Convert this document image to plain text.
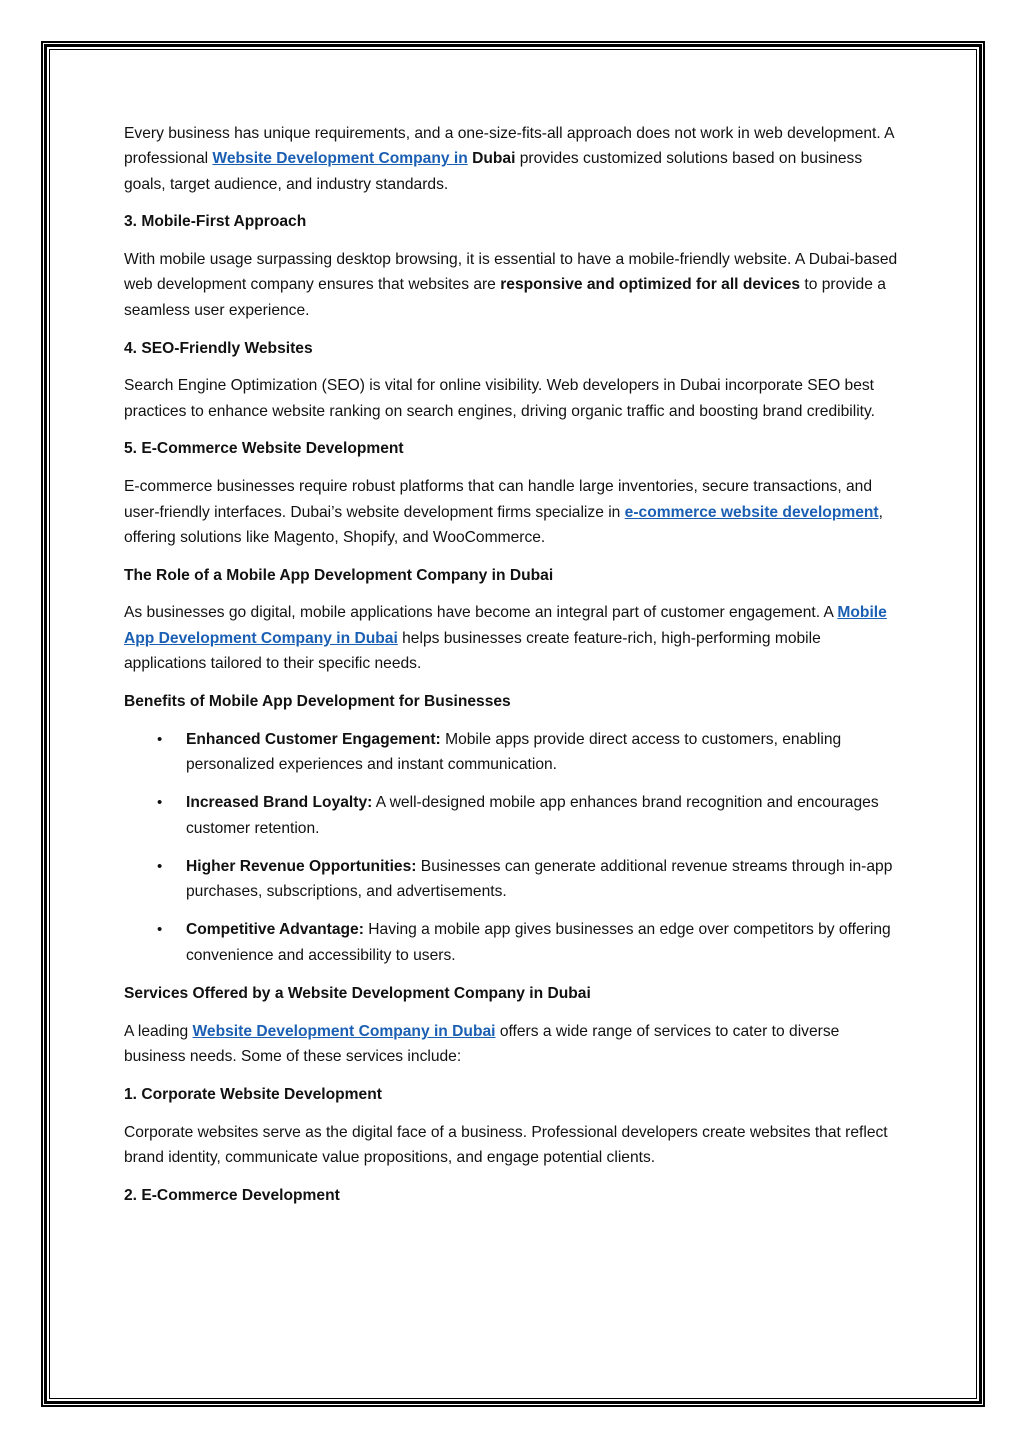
Every business has unique requirements, and a one-size-fits-all approach does not work in web development. A professional Website Development Company in Dubai provides customized solutions based on business goals, target audience, and industry standards.

3. Mobile-First Approach

With mobile usage surpassing desktop browsing, it is essential to have a mobile-friendly website. A Dubai-based web development company ensures that websites are responsive and optimized for all devices to provide a seamless user experience.

4. SEO-Friendly Websites

Search Engine Optimization (SEO) is vital for online visibility. Web developers in Dubai incorporate SEO best practices to enhance website ranking on search engines, driving organic traffic and boosting brand credibility.

5. E-Commerce Website Development

E-commerce businesses require robust platforms that can handle large inventories, secure transactions, and user-friendly interfaces. Dubai’s website development firms specialize in e-commerce website development, offering solutions like Magento, Shopify, and WooCommerce.

The Role of a Mobile App Development Company in Dubai

As businesses go digital, mobile applications have become an integral part of customer engagement. A Mobile App Development Company in Dubai helps businesses create feature-rich, high-performing mobile applications tailored to their specific needs.

Benefits of Mobile App Development for Businesses
• Enhanced Customer Engagement: Mobile apps provide direct access to customers, enabling personalized experiences and instant communication.
• Increased Brand Loyalty: A well-designed mobile app enhances brand recognition and encourages customer retention.
• Higher Revenue Opportunities: Businesses can generate additional revenue streams through in-app purchases, subscriptions, and advertisements.
• Competitive Advantage: Having a mobile app gives businesses an edge over competitors by offering convenience and accessibility to users.
Services Offered by a Website Development Company in Dubai

A leading Website Development Company in Dubai offers a wide range of services to cater to diverse business needs. Some of these services include:

1. Corporate Website Development

Corporate websites serve as the digital face of a business. Professional developers create websites that reflect brand identity, communicate value propositions, and engage potential clients.

2. E-Commerce Development
